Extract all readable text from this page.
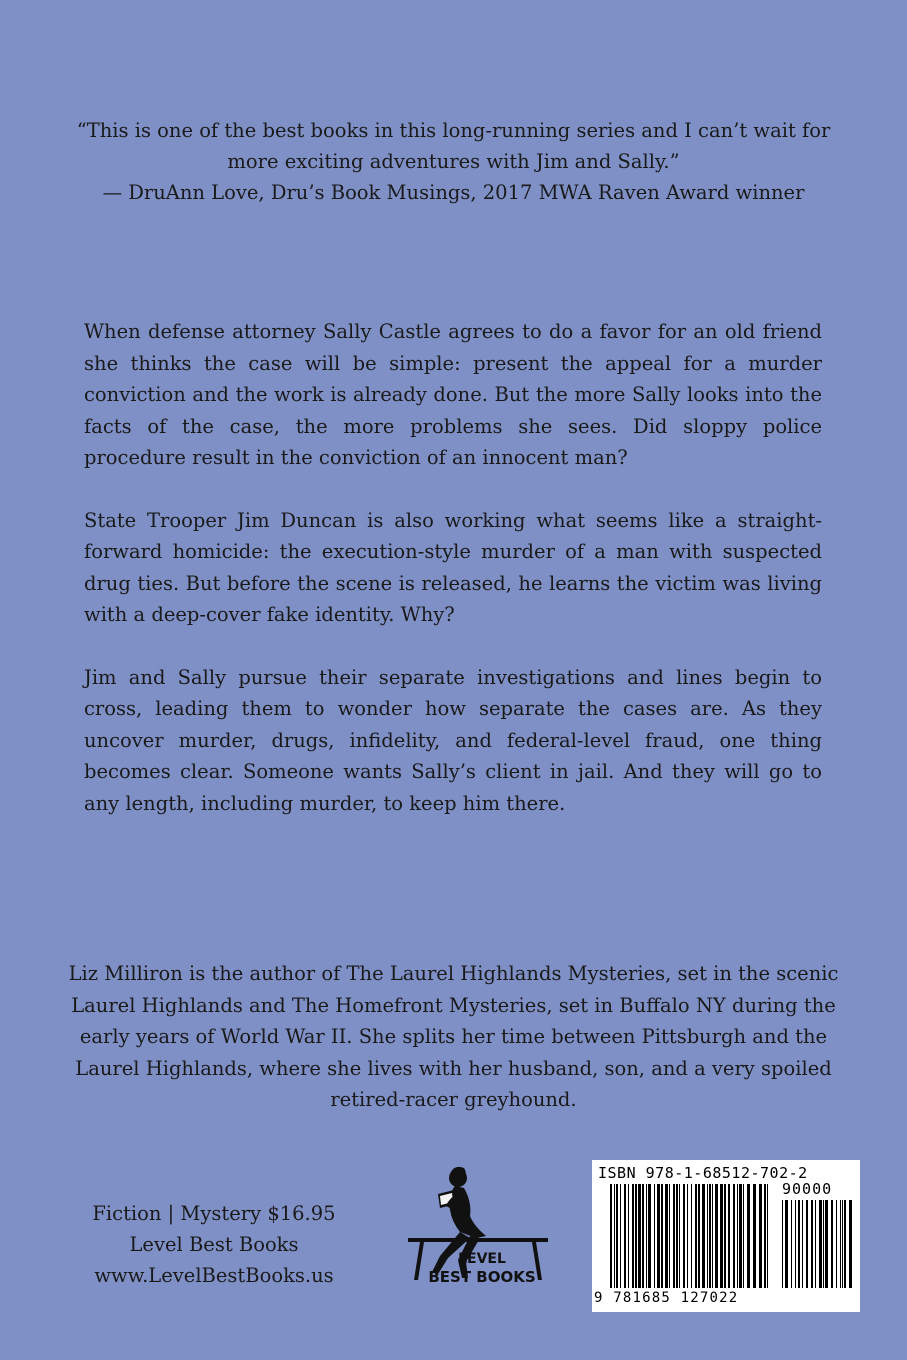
“This is one of the best books in this long-running series and I can’t wait for more exciting adventures with Jim and Sally.”

— DruAnn Love, Dru’s Book Musings, 2017 MWA Raven Award winner

When defense attorney Sally Castle agrees to do a favor for an old friend she thinks the case will be simple: present the appeal for a murder conviction and the work is already done. But the more Sally looks into the facts of the case, the more problems she sees. Did sloppy police procedure result in the conviction of an innocent man?

State Trooper Jim Duncan is also working what seems like a straight-forward homicide: the execution-style murder of a man with suspected drug ties. But before the scene is released, he learns the victim was living with a deep-cover fake identity. Why?

Jim and Sally pursue their separate investigations and lines begin to cross, leading them to wonder how separate the cases are. As they uncover murder, drugs, infidelity, and federal-level fraud, one thing becomes clear. Someone wants Sally’s client in jail. And they will go to any length, including murder, to keep him there.

Liz Milliron is the author of The Laurel Highlands Mysteries, set in the scenic Laurel Highlands and The Homefront Mysteries, set in Buffalo NY during the early years of World War II. She splits her time between Pittsburgh and the Laurel Highlands, where she lives with her husband, son, and a very spoiled retired-racer greyhound.

Fiction | Mystery $16.95
Level Best Books
www.LevelBestBooks.us
LEVEL
BEST BOOKS
ISBN 978-1-68512-702-2
90000
9 781685 127022
